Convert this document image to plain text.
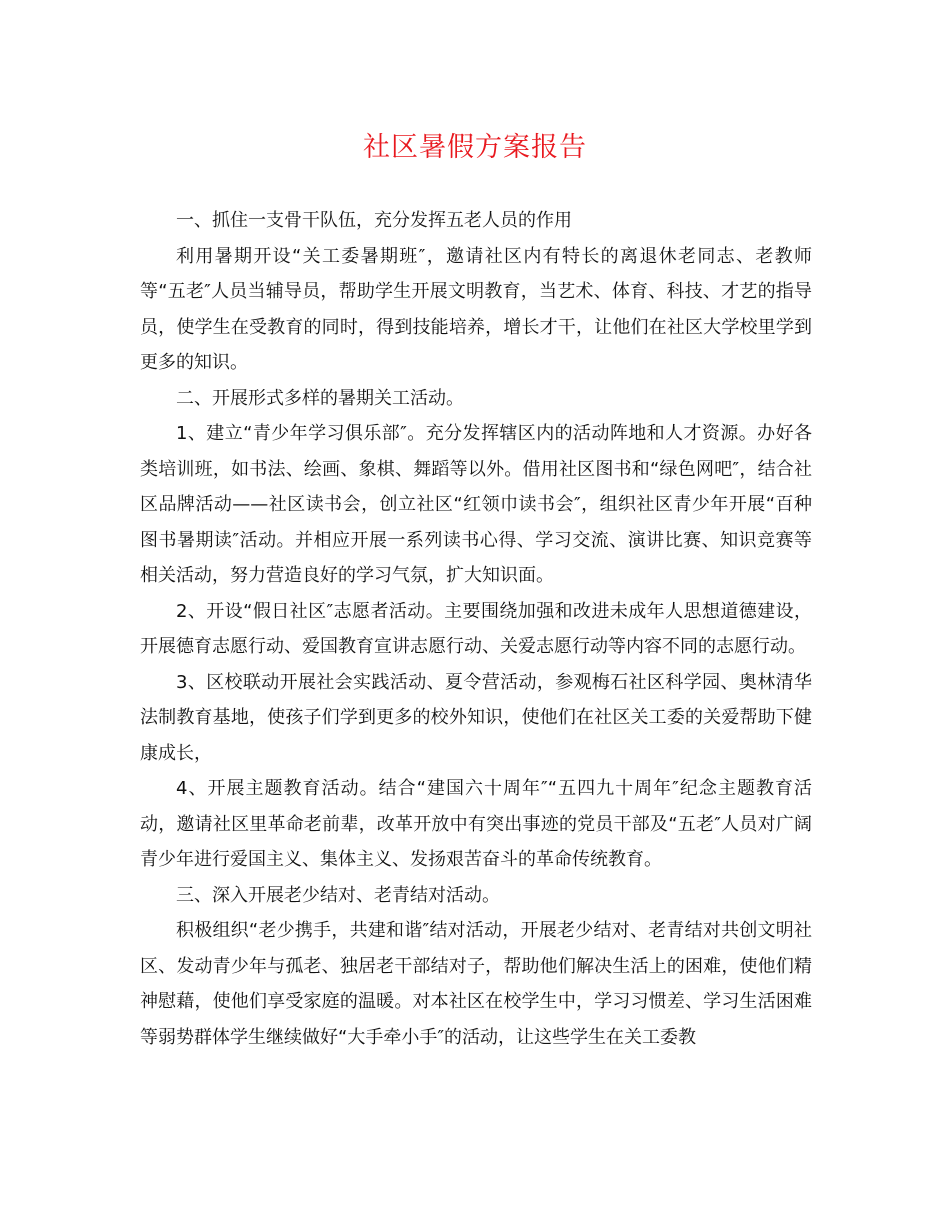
社区暑假方案报告

一、抓住一支骨干队伍，充分发挥五老人员的作用

利用暑期开设“关工委暑期班″，邀请社区内有特长的离退休老同志、老教师等“五老″人员当辅导员，帮助学生开展文明教育，当艺术、体育、科技、才艺的指导员，使学生在受教育的同时，得到技能培养，增长才干，让他们在社区大学校里学到更多的知识。

二、开展形式多样的暑期关工活动。

1、建立“青少年学习俱乐部″。充分发挥辖区内的活动阵地和人才资源。办好各类培训班，如书法、绘画、象棋、舞蹈等以外。借用社区图书和“绿色网吧″，结合社区品牌活动——社区读书会，创立社区“红领巾读书会″，组织社区青少年开展“百种图书暑期读″活动。并相应开展一系列读书心得、学习交流、演讲比赛、知识竞赛等相关活动，努力营造良好的学习气氛，扩大知识面。

2、开设“假日社区″志愿者活动。主要围绕加强和改进未成年人思想道德建设，开展德育志愿行动、爱国教育宣讲志愿行动、关爱志愿行动等内容不同的志愿行动。

3、区校联动开展社会实践活动、夏令营活动，参观梅石社区科学园、奥林清华法制教育基地，使孩子们学到更多的校外知识，使他们在社区关工委的关爱帮助下健康成长，

4、开展主题教育活动。结合“建国六十周年″“五四九十周年″纪念主题教育活动，邀请社区里革命老前辈，改革开放中有突出事迹的党员干部及“五老″人员对广阔青少年进行爱国主义、集体主义、发扬艰苦奋斗的革命传统教育。

三、深入开展老少结对、老青结对活动。

积极组织“老少携手，共建和谐″结对活动，开展老少结对、老青结对共创文明社区、发动青少年与孤老、独居老干部结对子，帮助他们解决生活上的困难，使他们精神慰藉，使他们享受家庭的温暖。对本社区在校学生中，学习习惯差、学习生活困难等弱势群体学生继续做好“大手牵小手″的活动，让这些学生在关工委教
